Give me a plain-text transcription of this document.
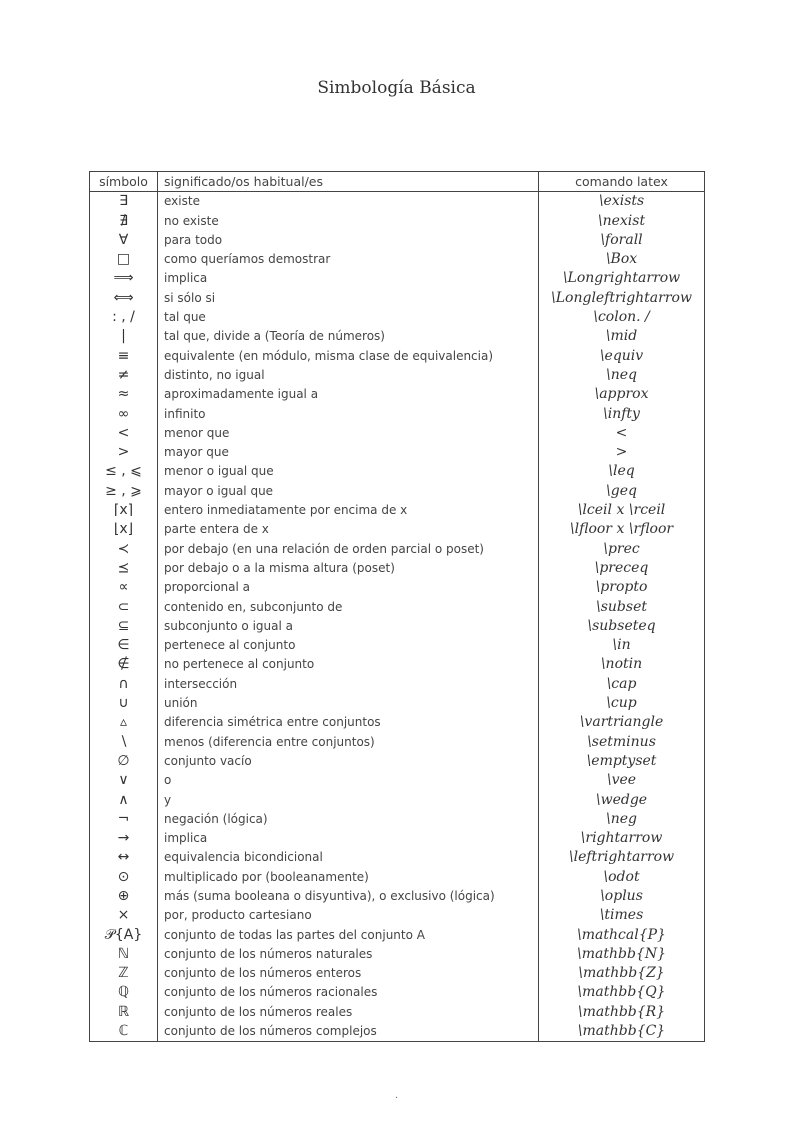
Simbología Básica
símbolo	significado/os habitual/es	comando latex
∃	existe	\exists
∄	no existe	\nexist
∀	para todo	\forall
□	como queríamos demostrar	\Box
⟹	implica	\Longrightarrow
⟺	si sólo si	\Longleftrightarrow
: , /	tal que	\colon. /
|	tal que, divide a (Teoría de números)	\mid
≡	equivalente (en módulo, misma clase de equivalencia)	\equiv
≠	distinto, no igual	\neq
≈	aproximadamente igual a	\approx
∞	infinito	\infty
<	menor que	<
>	mayor que	>
≤ , ⩽	menor o igual que	\leq
≥ , ⩾	mayor o igual que	\geq
⌈x⌉	entero inmediatamente por encima de x	\lceil x \rceil
⌊x⌋	parte entera de x	\lfloor x \rfloor
≺	por debajo (en una relación de orden parcial o poset)	\prec
⪯	por debajo o a la misma altura (poset)	\preceq
∝	proporcional a	\propto
⊂	contenido en, subconjunto de	\subset
⊆	subconjunto o igual a	\subseteq
∈	pertenece al conjunto	\in
∉	no pertenece al conjunto	\notin
∩	intersección	\cap
∪	unión	\cup
▵	diferencia simétrica entre conjuntos	\vartriangle
∖	menos (diferencia entre conjuntos)	\setminus
∅	conjunto vacío	\emptyset
∨	o	\vee
∧	y	\wedge
¬	negación (lógica)	\neg
→	implica	\rightarrow
↔	equivalencia bicondicional	\leftrightarrow
⊙	multiplicado por (booleanamente)	\odot
⊕	más (suma booleana o disyuntiva), o exclusivo (lógica)	\oplus
×	por, producto cartesiano	\times
𝒫{A}	conjunto de todas las partes del conjunto A	\mathcal{P}
ℕ	conjunto de los números naturales	\mathbb{N}
ℤ	conjunto de los números enteros	\mathbb{Z}
ℚ	conjunto de los números racionales	\mathbb{Q}
ℝ	conjunto de los números reales	\mathbb{R}
ℂ	conjunto de los números complejos	\mathbb{C}
.
